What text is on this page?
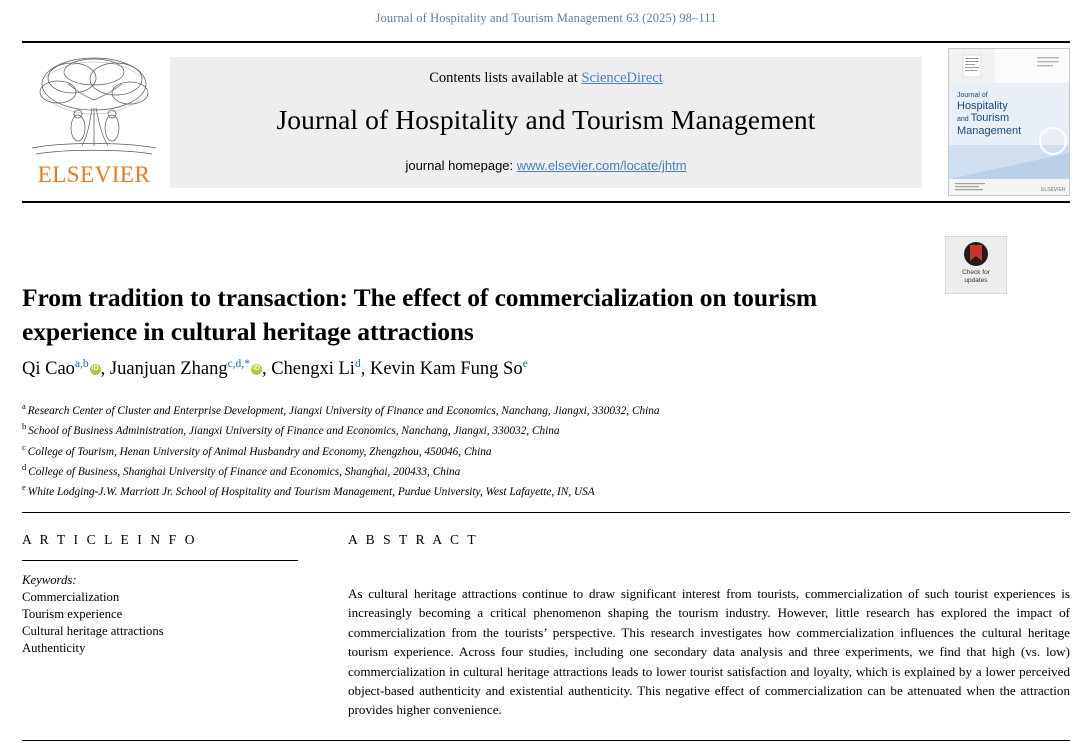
Journal of Hospitality and Tourism Management 63 (2025) 98–111
ELSEVIER
Contents lists available at ScienceDirect
Journal of Hospitality and Tourism Management
journal homepage: www.elsevier.com/locate/jhtm
Journal of
Hospitality
and Tourism
Management
ELSEVIER
From tradition to transaction: The effect of commercialization on tourism experience in cultural heritage attractions
Check for
updates
Qi Cao$^{a,b}$ iD , Juanjuan Zhang$^{c,d,*}$ iD , Chengxi Li$^d$, Kevin Kam Fung So$^e$
$^a$ Research Center of Cluster and Enterprise Development, Jiangxi University of Finance and Economics, Nanchang, Jiangxi, 330032, China
$^b$ School of Business Administration, Jiangxi University of Finance and Economics, Nanchang, Jiangxi, 330032, China
$^c$ College of Tourism, Henan University of Animal Husbandry and Economy, Zhengzhou, 450046, China
$^d$ College of Business, Shanghai University of Finance and Economics, Shanghai, 200433, China
$^e$ White Lodging-J.W. Marriott Jr. School of Hospitality and Tourism Management, Purdue University, West Lafayette, IN, USA
A R T I C L E I N F O
Keywords:
Commercialization
Tourism experience
Cultural heritage attractions
Authenticity
A B S T R A C T
As cultural heritage attractions continue to draw significant interest from tourists, commercialization of such tourist experiences is increasingly becoming a critical phenomenon shaping the tourism industry. However, little research has explored the impact of commercialization from the tourists’ perspective. This research investigates how commercialization influences the cultural heritage tourism experience. Across four studies, including one secondary data analysis and three experiments, we find that high (vs. low) commercialization in cultural heritage attractions leads to lower tourist satisfaction and loyalty, which is explained by a lower perceived object-based authenticity and existential authenticity. This negative effect of commercialization can be attenuated when the attraction provides higher convenience.
